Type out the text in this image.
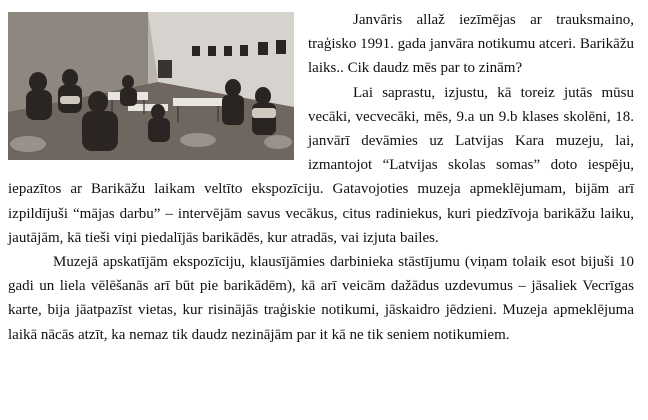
Janvāris allaž iezīmējas ar trauksmaino, traģisko 1991. gada janvāra notikumu atceri. Barikāžu laiks.. Cik daudz mēs par to zinām?

Lai saprastu, izjustu, kā toreiz jutās mūsu vecāki, vecvecāki, mēs, 9.a un 9.b klases skolēni, 18. janvārī devāmies uz Latvijas Kara muzeju, lai, izmantojot “Latvijas skolas somas” doto iespēju, iepazītos ar Barikāžu laikam veltīto ekspozīciju. Gatavojoties muzeja apmeklējumam, bijām arī izpildījuši “mājas darbu” – intervējām savus vecākus, citus radiniekus, kuri piedzīvoja barikāžu laiku, jautājām, kā tieši viņi piedalījās barikādēs, kur atradās, vai izjuta bailes.

Muzejā apskatījām ekspozīciju, klausījāmies darbinieka stāstījumu (viņam tolaik esot bijuši 10 gadi un liela vēlēšanās arī būt pie barikādēm), kā arī veicām dažādus uzdevumus – jāsaliek Vecrīgas karte, bija jāatpazīst vietas, kur risinājās traģiskie notikumi, jāskaidro jēdzieni. Muzeja apmeklējuma laikā nācās atzīt, ka nemaz tik daudz nezinājām par it kā ne tik seniem notikumiem.
